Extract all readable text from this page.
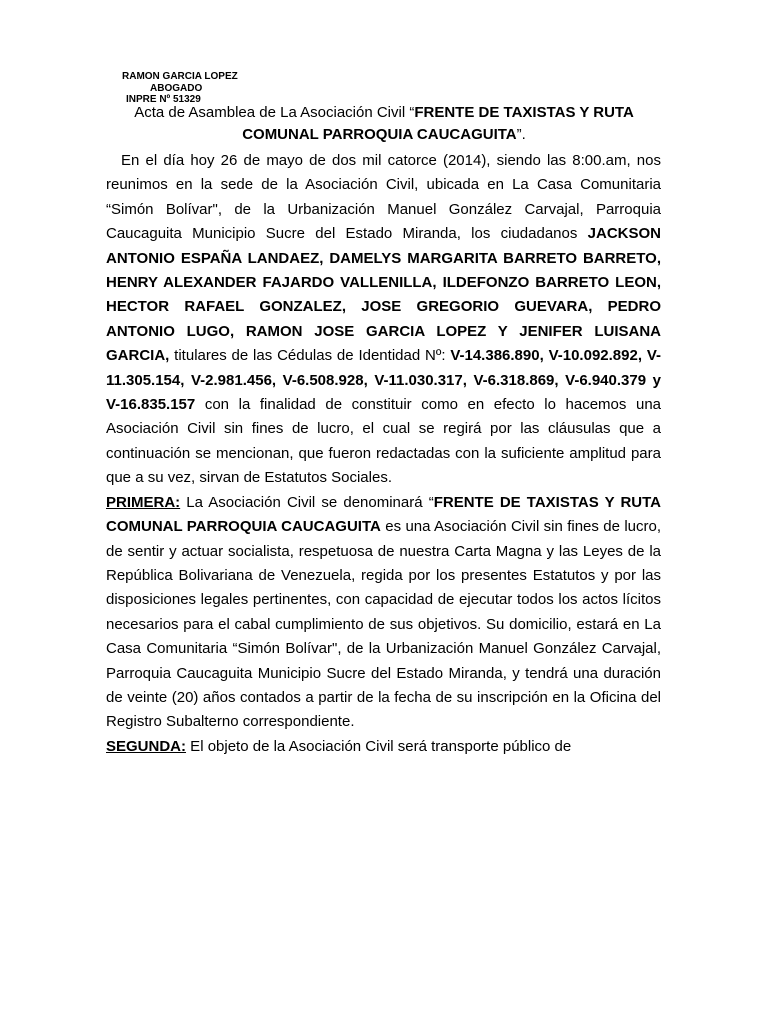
RAMON GARCIA LOPEZ
ABOGADO
INPRE Nº 51329
Acta de Asamblea de La Asociación Civil “FRENTE DE TAXISTAS Y RUTA COMUNAL PARROQUIA CAUCAGUITA”.

En el día hoy 26 de mayo de dos mil catorce (2014), siendo las 8:00.am, nos reunimos en la sede de la Asociación Civil, ubicada en La Casa Comunitaria “Simón Bolívar", de la Urbanización Manuel González Carvajal, Parroquia Caucaguita Municipio Sucre del Estado Miranda, los ciudadanos JACKSON ANTONIO ESPAÑA LANDAEZ, DAMELYS MARGARITA BARRETO BARRETO, HENRY ALEXANDER FAJARDO VALLENILLA, ILDEFONZO BARRETO LEON, HECTOR RAFAEL GONZALEZ, JOSE GREGORIO GUEVARA, PEDRO ANTONIO LUGO, RAMON JOSE GARCIA LOPEZ Y JENIFER LUISANA GARCIA, titulares de las Cédulas de Identidad Nº: V-14.386.890, V-10.092.892, V-11.305.154, V-2.981.456, V-6.508.928, V-11.030.317, V-6.318.869, V-6.940.379 y V-16.835.157 con la finalidad de constituir como en efecto lo hacemos una Asociación Civil sin fines de lucro, el cual se regirá por las cláusulas que a continuación se mencionan, que fueron redactadas con la suficiente amplitud para que a su vez, sirvan de Estatutos Sociales.

PRIMERA: La Asociación Civil se denominará “FRENTE DE TAXISTAS Y RUTA COMUNAL PARROQUIA CAUCAGUITA es una Asociación Civil sin fines de lucro, de sentir y actuar socialista, respetuosa de nuestra Carta Magna y las Leyes de la República Bolivariana de Venezuela, regida por los presentes Estatutos y por las disposiciones legales pertinentes, con capacidad de ejecutar todos los actos lícitos necesarios para el cabal cumplimiento de sus objetivos. Su domicilio, estará en La Casa Comunitaria “Simón Bolívar", de la Urbanización Manuel González Carvajal, Parroquia Caucaguita Municipio Sucre del Estado Miranda, y tendrá una duración de veinte (20) años contados a partir de la fecha de su inscripción en la Oficina del Registro Subalterno correspondiente.

SEGUNDA: El objeto de la Asociación Civil será transporte público de
